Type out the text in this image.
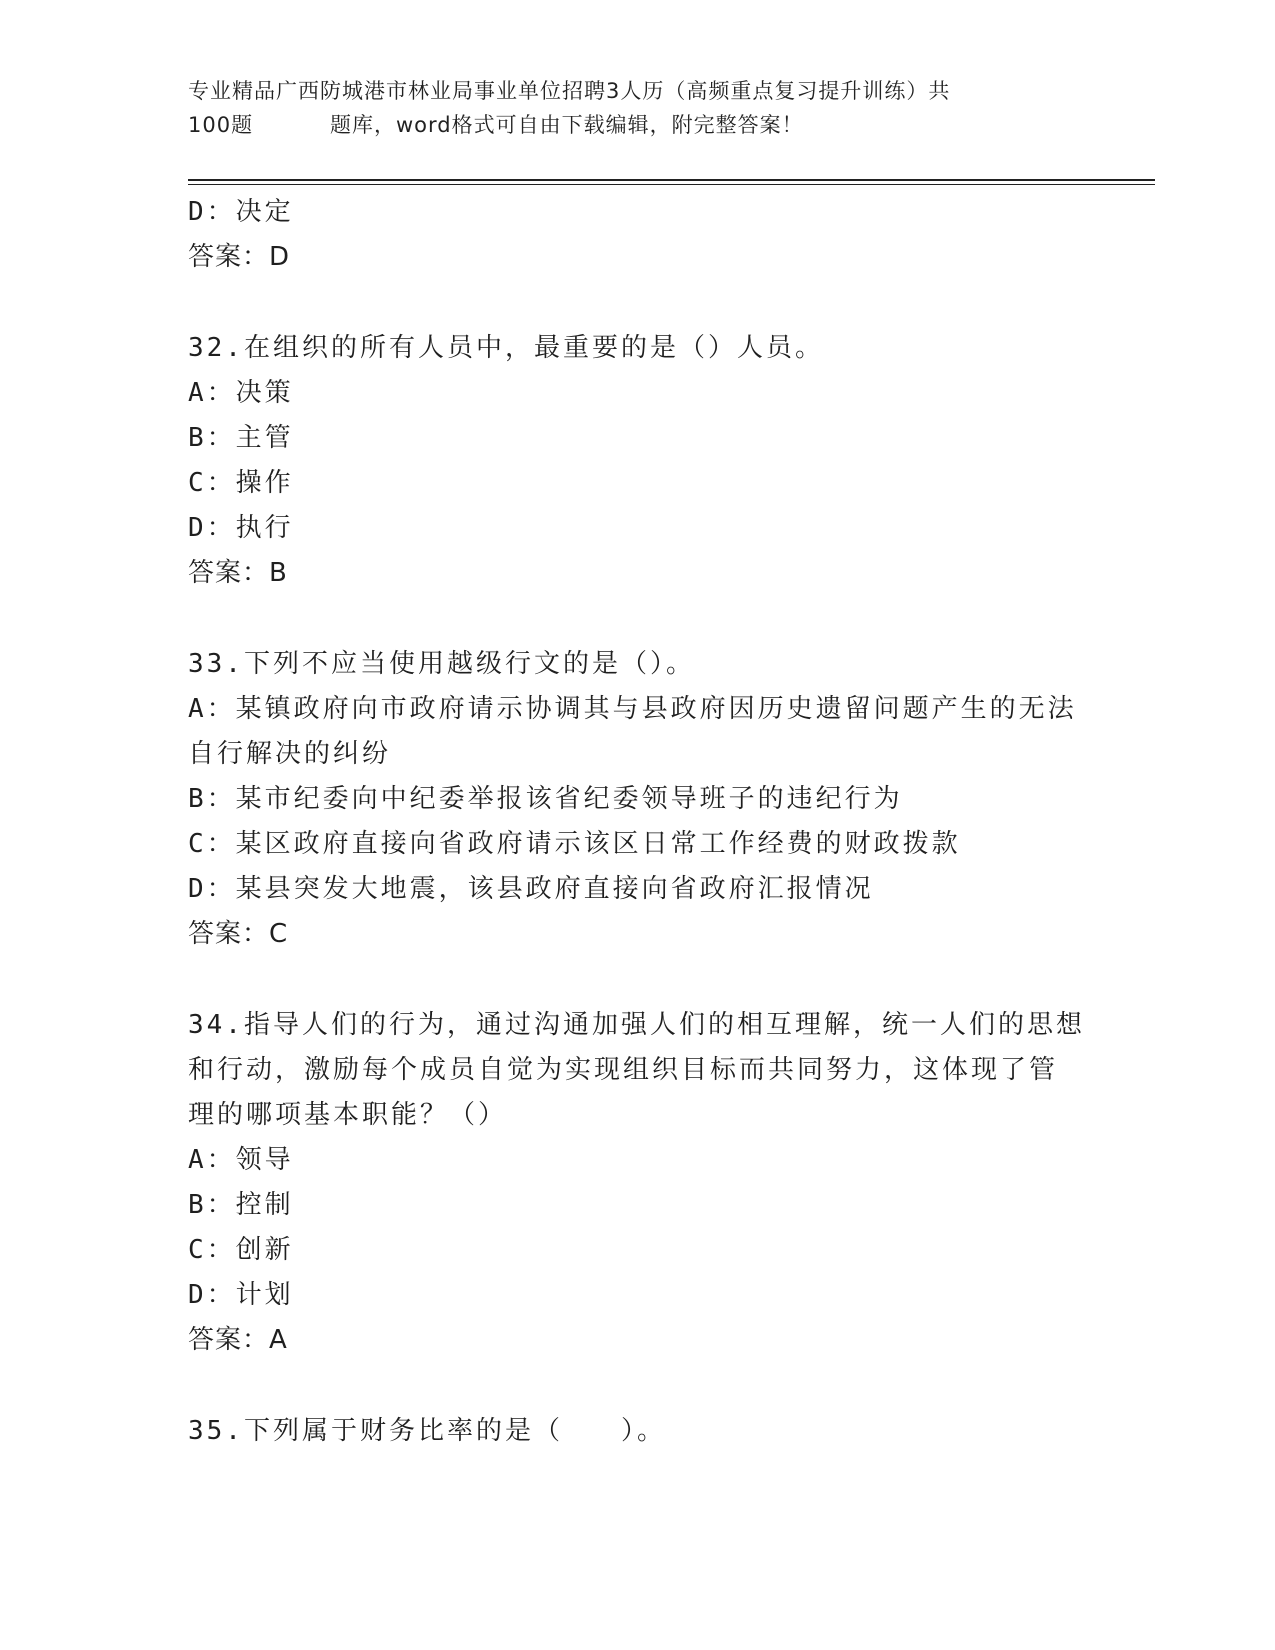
专业精品广西防城港市林业局事业单位招聘3人历（高频重点复习提升训练）共
100题	题库，word格式可自由下载编辑，附完整答案！
D：决定
答案：D
32.在组织的所有人员中，最重要的是（）人员。
A：决策
B：主管
C：操作
D：执行
答案：B
33.下列不应当使用越级行文的是（）。
A：某镇政府向市政府请示协调其与县政府因历史遗留问题产生的无法
自行解决的纠纷
B：某市纪委向中纪委举报该省纪委领导班子的违纪行为
C：某区政府直接向省政府请示该区日常工作经费的财政拨款
D：某县突发大地震，该县政府直接向省政府汇报情况
答案：C
34.指导人们的行为，通过沟通加强人们的相互理解，统一人们的思想
和行动，激励每个成员自觉为实现组织目标而共同努力，这体现了管
理的哪项基本职能？（）
A：领导
B：控制
C：创新
D：计划
答案：A
35.下列属于财务比率的是（　　）。
